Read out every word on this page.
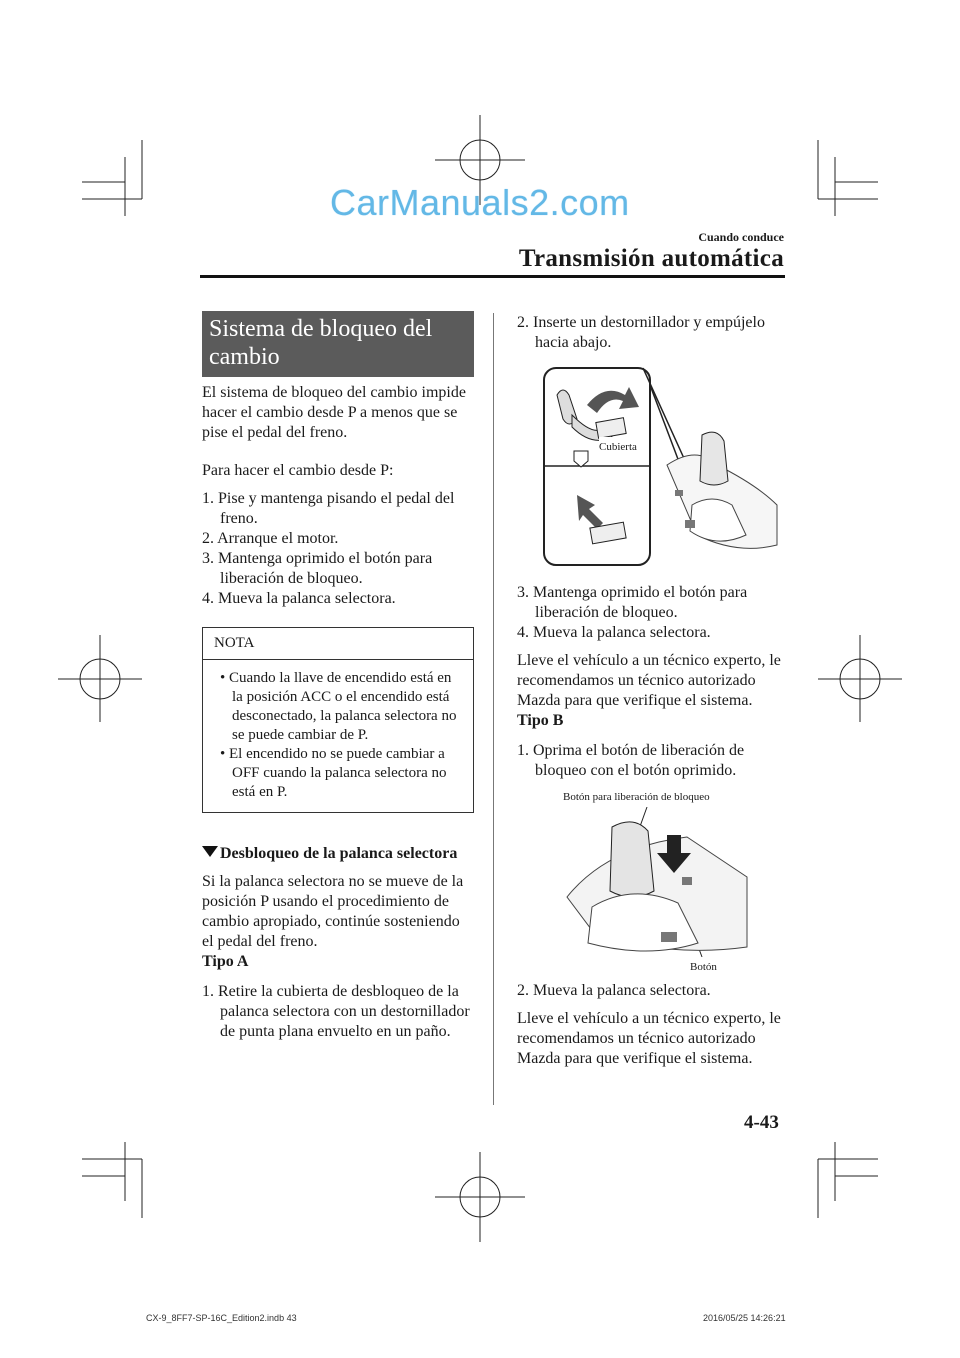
CarManuals2.com
Cuando conduce
Transmisión automática
Sistema de bloqueo del cambio

El sistema de bloqueo del cambio impide hacer el cambio desde P a menos que se pise el pedal del freno.

Para hacer el cambio desde P:

1. Pise y mantenga pisando el pedal del freno.

2. Arranque el motor.

3. Mantenga oprimido el botón para liberación de bloqueo.

4. Mueva la palanca selectora.

NOTA

• Cuando la llave de encendido está en la posición ACC o el encendido está desconectado, la palanca selectora no se puede cambiar de P.

• El encendido no se puede cambiar a OFF cuando la palanca selectora no está en P.

Desbloqueo de la palanca selectora

Si la palanca selectora no se mueve de la posición P usando el procedimiento de cambio apropiado, continúe sosteniendo el pedal del freno.

Tipo A

1. Retire la cubierta de desbloqueo de la palanca selectora con un destornillador de punta plana envuelto en un paño.

2. Inserte un destornillador y empújelo hacia abajo.

Cubierta

3. Mantenga oprimido el botón para liberación de bloqueo.

4. Mueva la palanca selectora.

Lleve el vehículo a un técnico experto, le recomendamos un técnico autorizado Mazda para que verifique el sistema.

Tipo B

1. Oprima el botón de liberación de bloqueo con el botón oprimido.

Botón para liberación de bloqueo
Botón

2. Mueva la palanca selectora.

Lleve el vehículo a un técnico experto, le recomendamos un técnico autorizado Mazda para que verifique el sistema.

4-43
CX-9_8FF7-SP-16C_Edition2.indb 43	2016/05/25 14:26:21
